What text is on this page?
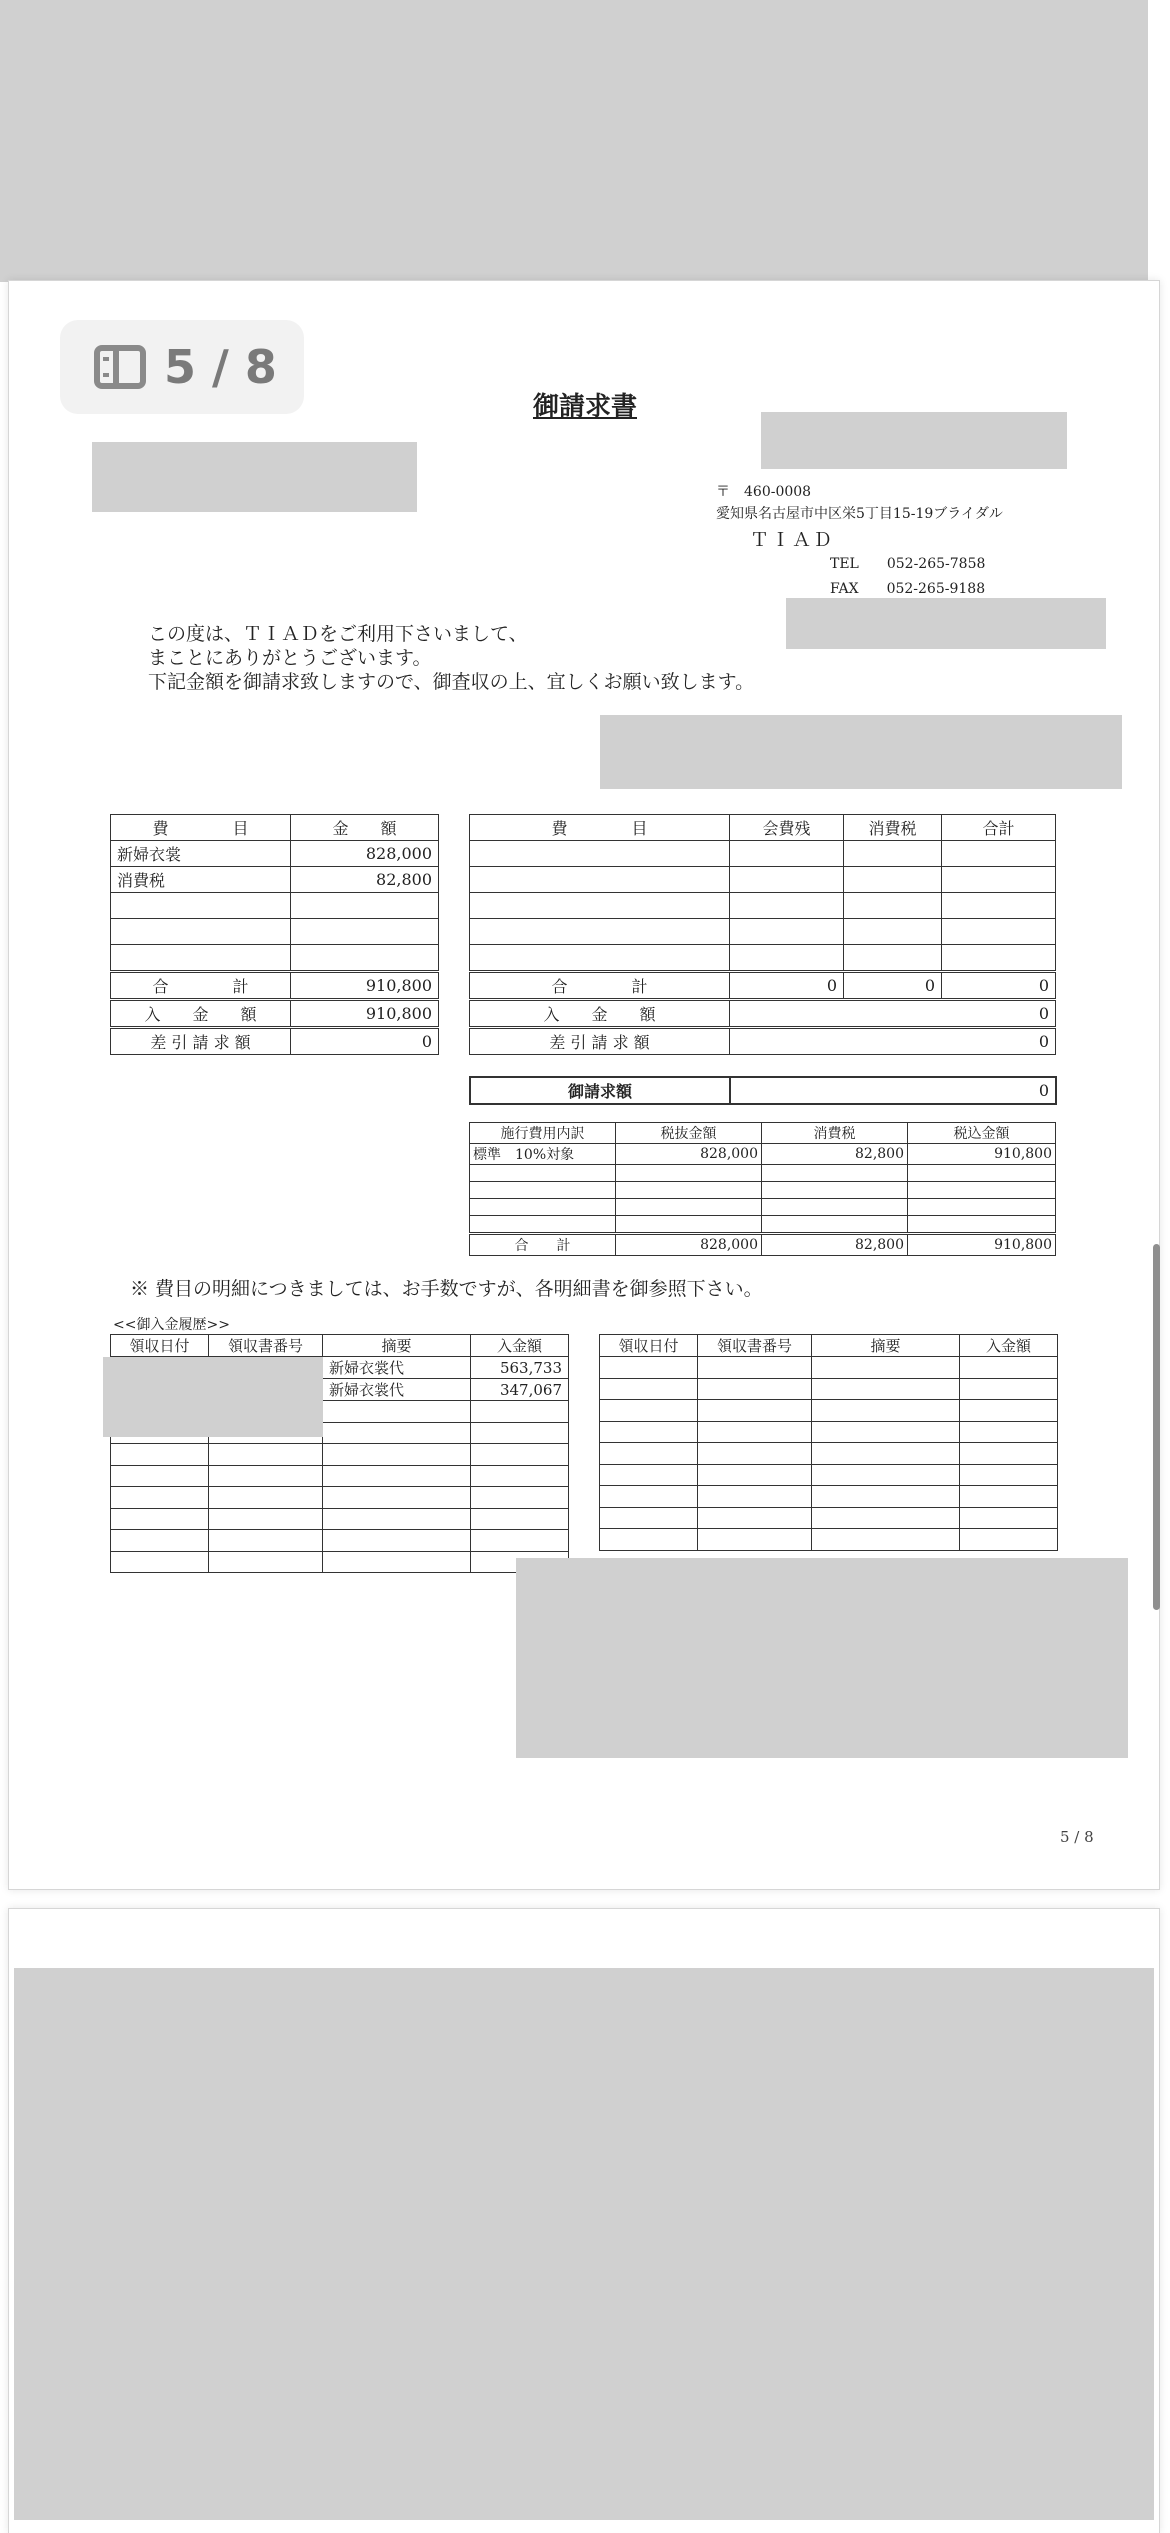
5 / 8
御請求書
〒　460-0008
愛知県名古屋市中区栄5丁目15-19ブライダル
ＴＩＡＤ
TEL　　052-265-7858
FAX　　052-265-9188
この度は、ＴＩＡＤをご利用下さいまして、
まことにありがとうございます。
下記金額を御請求致しますので、御査収の上、宜しくお願い致します。
費　　　　目	金　　額
新婦衣裳	828,000
消費税	82,800

合　　　　計	910,800
入　　金　　額	910,800
差 引 請 求 額	0
費　　　　目	会費残	消費税	合計

合　　　　計	0	0	0
入　　金　　額	0		
差 引 請 求 額	0		
御請求額	0
施行費用内訳	税抜金額	消費税	税込金額
標準　10%対象	828,000	82,800	910,800

合　　計	828,000	82,800	910,800
※ 費目の明細につきましては、お手数ですが、各明細書を御参照下さい。
<<御入金履歴>>
領収日付	領収書番号	摘要	入金額
		新婦衣裳代	563,733
		新婦衣裳代	347,067

領収日付	領収書番号	摘要	入金額

5 / 8
